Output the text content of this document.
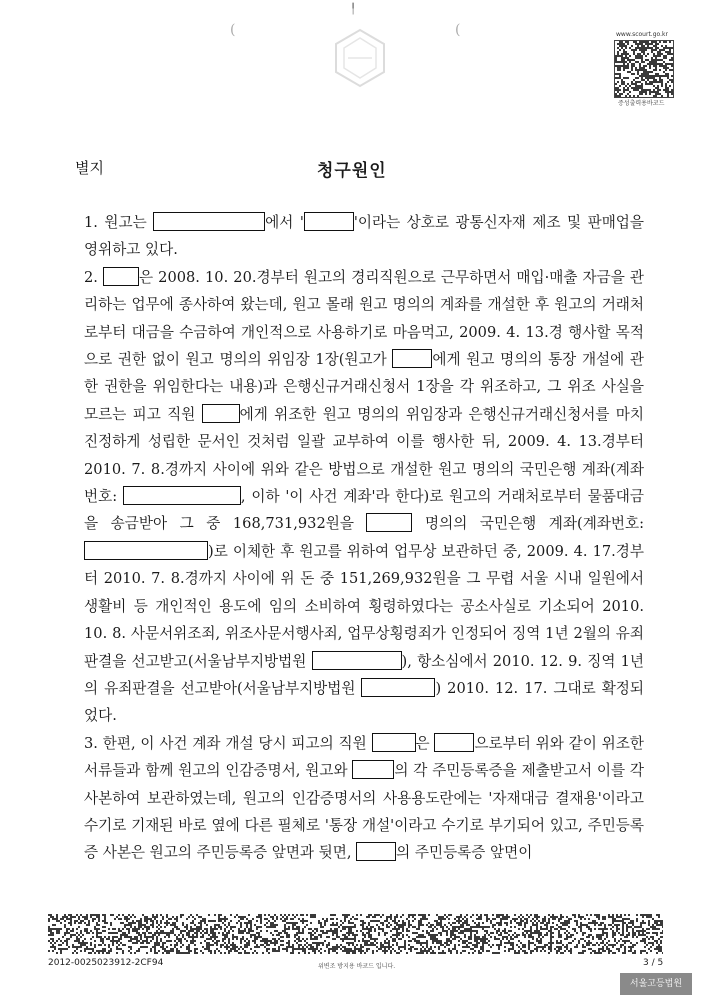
╿
(	(	www.scourt.go.kr
증성출력용바코드
별지	청구원인

1. 원고는	에서 '	'이라는 상호로 광통신자재 제조 및 판매업을 영위하고 있다.

2. 은 2008. 10. 20.경부터 원고의 경리직원으로 근무하면서 매입·매출 자금을 관리하는 업무에 종사하여 왔는데, 원고 몰래 원고 명의의 계좌를 개설한 후 원고의 거래처로부터 대금을 수금하여 개인적으로 사용하기로 마음먹고, 2009. 4. 13.경 행사할 목적으로 권한 없이 원고 명의의 위임장 1장(원고가	에게 원고 명의의 통장 개설에 관한 권한을 위임한다는 내용)과 은행신규거래신청서 1장을 각 위조하고, 그 위조 사실을 모르는 피고 직원	에게 위조한 원고 명의의 위임장과 은행신규거래신청서를 마치 진정하게 성립한 문서인 것처럼 일괄 교부하여 이를 행사한 뒤, 2009. 4. 13.경부터 2010. 7. 8.경까지 사이에 위와 같은 방법으로 개설한 원고 명의의 국민은행 계좌(계좌번호:	, 이하 '이 사건 계좌'라 한다)로 원고의 거래처로부터 물품대금을 송금받아 그 중 168,731,932원을	명의의 국민은행 계좌(계좌번호: )로 이체한 후 원고를 위하여 업무상 보관하던 중, 2009. 4. 17.경부터 2010. 7. 8.경까지 사이에 위 돈 중 151,269,932원을 그 무렵 서울 시내 일원에서 생활비 등 개인적인 용도에 임의 소비하여 횡령하였다는 공소사실로 기소되어 2010. 10. 8. 사문서위조죄, 위조사문서행사죄, 업무상횡령죄가 인정되어 징역 1년 2월의 유죄판결을 선고받고(서울남부지방법원	), 항소심에서 2010. 12. 9. 징역 1년의 유죄판결을 선고받아(서울남부지방법원	) 2010. 12. 17. 그대로 확정되었다.

3. 한편, 이 사건 계좌 개설 당시 피고의 직원	은	으로부터 위와 같이 위조한 서류들과 함께 원고의 인감증명서, 원고와	의 각 주민등록증을 제출받고서 이를 각 사본하여 보관하였는데, 원고의 인감증명서의 사용용도란에는 '자재대금 결재용'이라고 수기로 기재된 바로 옆에 다른 필체로 '통장 개설'이라고 수기로 부기되어 있고, 주민등록증 사본은 원고의 주민등록증 앞면과 뒷면,	의 주민등록증 앞면이

2012-0025023912-2CF94	위변조 방지용 바코드 입니다.	3 / 5
서울고등법원
